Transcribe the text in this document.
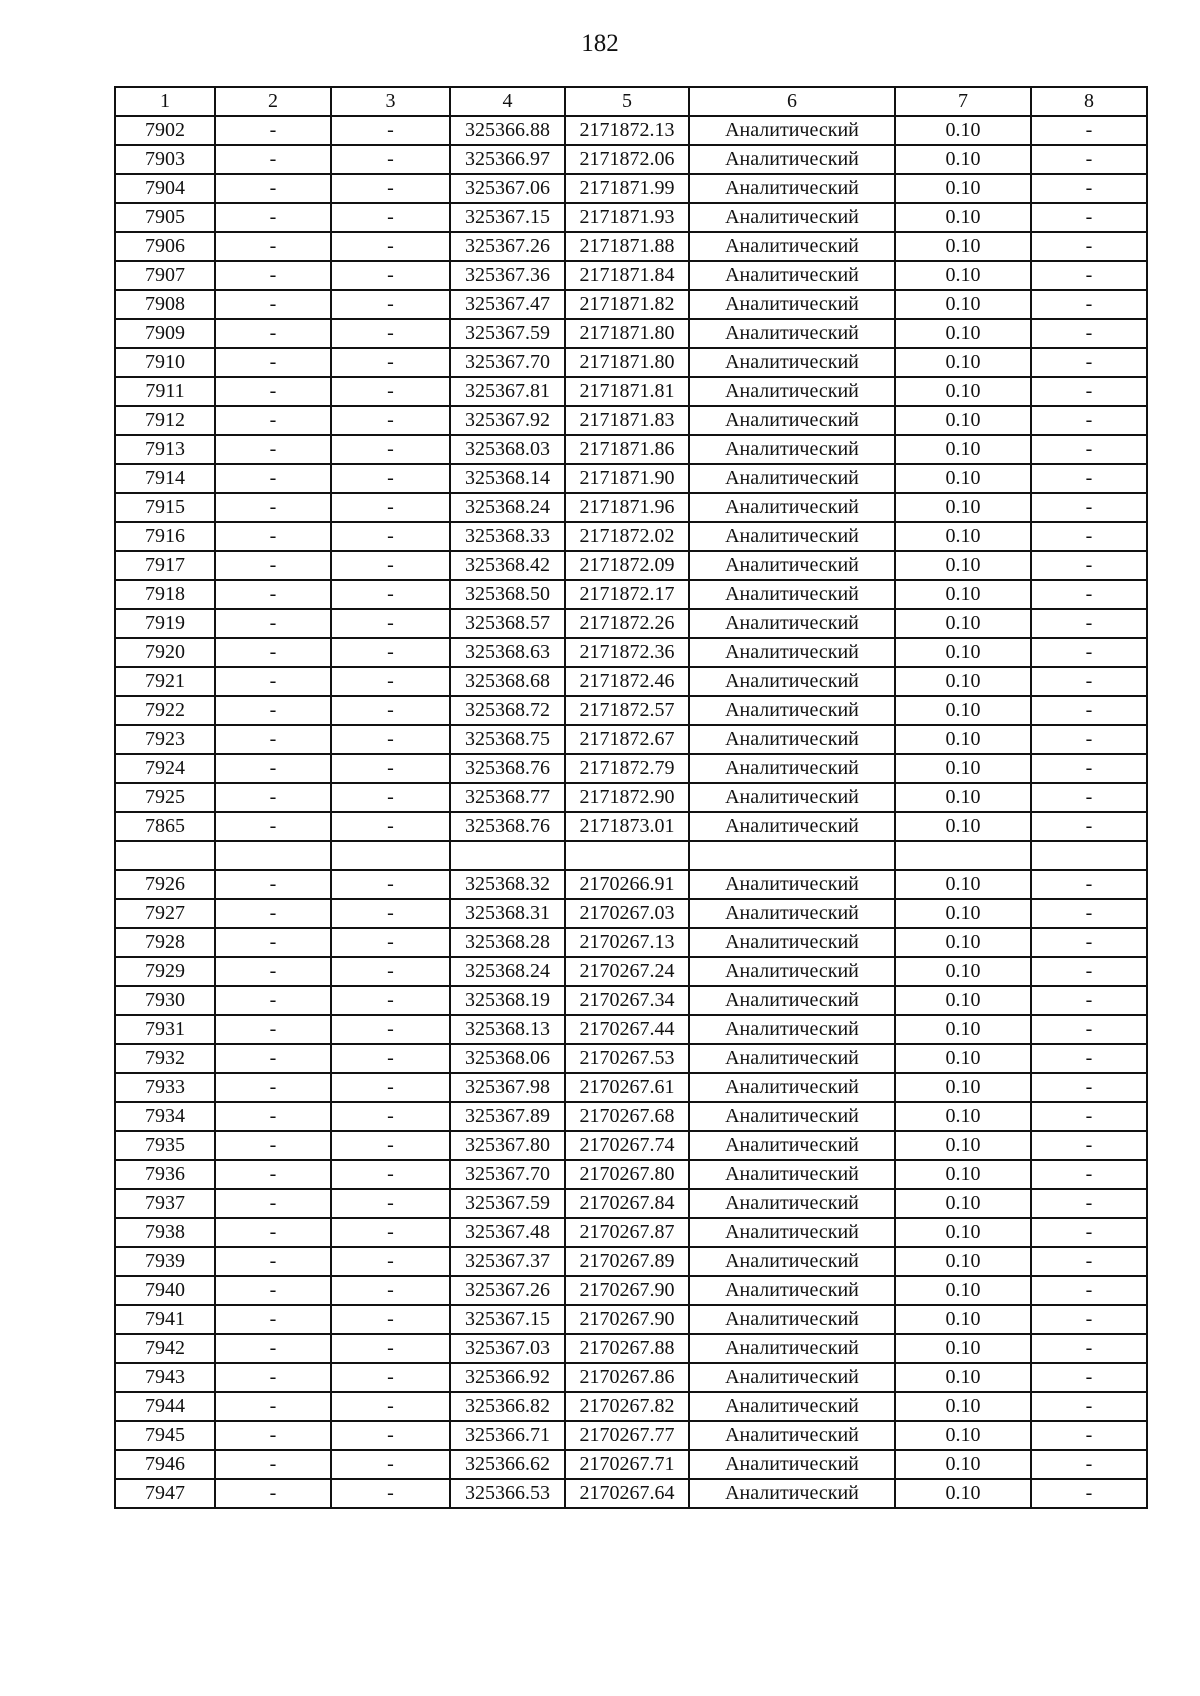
182
1	2	3	4	5	6	7	8
7902	-	-	325366.88	2171872.13	Аналитический	0.10	-
7903	-	-	325366.97	2171872.06	Аналитический	0.10	-
7904	-	-	325367.06	2171871.99	Аналитический	0.10	-
7905	-	-	325367.15	2171871.93	Аналитический	0.10	-
7906	-	-	325367.26	2171871.88	Аналитический	0.10	-
7907	-	-	325367.36	2171871.84	Аналитический	0.10	-
7908	-	-	325367.47	2171871.82	Аналитический	0.10	-
7909	-	-	325367.59	2171871.80	Аналитический	0.10	-
7910	-	-	325367.70	2171871.80	Аналитический	0.10	-
7911	-	-	325367.81	2171871.81	Аналитический	0.10	-
7912	-	-	325367.92	2171871.83	Аналитический	0.10	-
7913	-	-	325368.03	2171871.86	Аналитический	0.10	-
7914	-	-	325368.14	2171871.90	Аналитический	0.10	-
7915	-	-	325368.24	2171871.96	Аналитический	0.10	-
7916	-	-	325368.33	2171872.02	Аналитический	0.10	-
7917	-	-	325368.42	2171872.09	Аналитический	0.10	-
7918	-	-	325368.50	2171872.17	Аналитический	0.10	-
7919	-	-	325368.57	2171872.26	Аналитический	0.10	-
7920	-	-	325368.63	2171872.36	Аналитический	0.10	-
7921	-	-	325368.68	2171872.46	Аналитический	0.10	-
7922	-	-	325368.72	2171872.57	Аналитический	0.10	-
7923	-	-	325368.75	2171872.67	Аналитический	0.10	-
7924	-	-	325368.76	2171872.79	Аналитический	0.10	-
7925	-	-	325368.77	2171872.90	Аналитический	0.10	-
7865	-	-	325368.76	2171873.01	Аналитический	0.10	-

7926	-	-	325368.32	2170266.91	Аналитический	0.10	-
7927	-	-	325368.31	2170267.03	Аналитический	0.10	-
7928	-	-	325368.28	2170267.13	Аналитический	0.10	-
7929	-	-	325368.24	2170267.24	Аналитический	0.10	-
7930	-	-	325368.19	2170267.34	Аналитический	0.10	-
7931	-	-	325368.13	2170267.44	Аналитический	0.10	-
7932	-	-	325368.06	2170267.53	Аналитический	0.10	-
7933	-	-	325367.98	2170267.61	Аналитический	0.10	-
7934	-	-	325367.89	2170267.68	Аналитический	0.10	-
7935	-	-	325367.80	2170267.74	Аналитический	0.10	-
7936	-	-	325367.70	2170267.80	Аналитический	0.10	-
7937	-	-	325367.59	2170267.84	Аналитический	0.10	-
7938	-	-	325367.48	2170267.87	Аналитический	0.10	-
7939	-	-	325367.37	2170267.89	Аналитический	0.10	-
7940	-	-	325367.26	2170267.90	Аналитический	0.10	-
7941	-	-	325367.15	2170267.90	Аналитический	0.10	-
7942	-	-	325367.03	2170267.88	Аналитический	0.10	-
7943	-	-	325366.92	2170267.86	Аналитический	0.10	-
7944	-	-	325366.82	2170267.82	Аналитический	0.10	-
7945	-	-	325366.71	2170267.77	Аналитический	0.10	-
7946	-	-	325366.62	2170267.71	Аналитический	0.10	-
7947	-	-	325366.53	2170267.64	Аналитический	0.10	-
